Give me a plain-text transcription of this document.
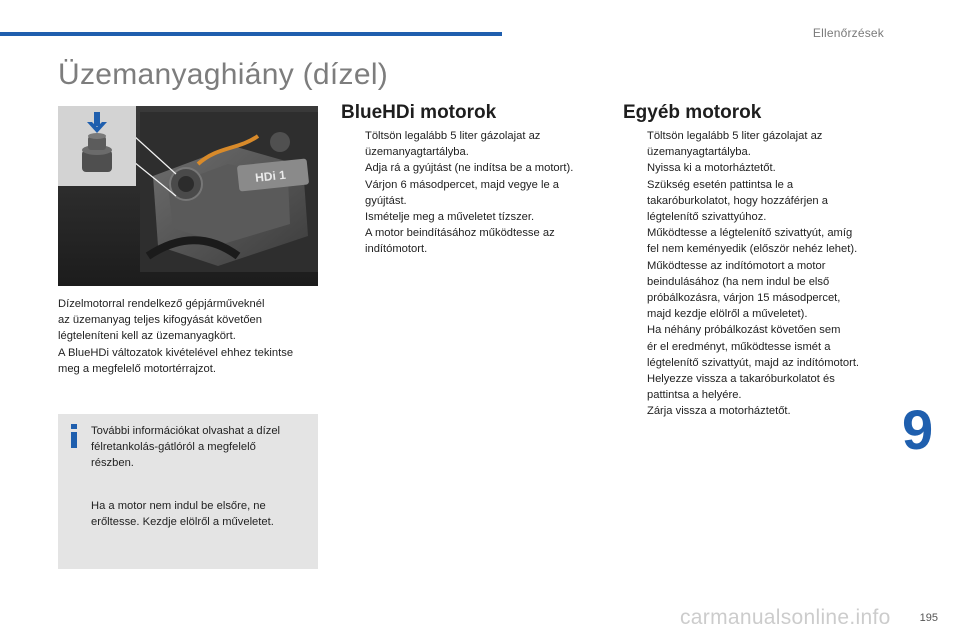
Ellenőrzések
Üzemanyaghiány (dízel)
HDi 1

Dízelmotorral rendelkező gépjárműveknél

az üzemanyag teljes kifogyását követően

légteleníteni kell az üzemanyagkört.

A BlueHDi változatok kivételével ehhez tekintse

meg a megfelelő motortérrajzot.

További információkat olvashat a dízel
félretankolás-gátlóról a megfelelő
részben.
Ha a motor nem indul be elsőre, ne
erőltesse. Kezdje elölről a műveletet.
BlueHDi motorok
Töltsön legalább 5 liter gázolajat az
üzemanyagtartályba.
Adja rá a gyújtást (ne indítsa be a motort).
Várjon 6 másodpercet, majd vegye le a
gyújtást.
Ismételje meg a műveletet tízszer.
A motor beindításához működtesse az
indítómotort.
Egyéb motorok
Töltsön legalább 5 liter gázolajat az
üzemanyagtartályba.
Nyissa ki a motorháztetőt.
Szükség esetén pattintsa le a
takaróburkolatot, hogy hozzáférjen a
légtelenítő szivattyúhoz.
Működtesse a légtelenítő szivattyút, amíg
fel nem keményedik (először nehéz lehet).
Működtesse az indítómotort a motor
beindulásához (ha nem indul be első
próbálkozásra, várjon 15 másodpercet,
majd kezdje elölről a műveletet).
Ha néhány próbálkozást követően sem
ér el eredményt, működtesse ismét a
légtelenítő szivattyút, majd az indítómotort.
Helyezze vissza a takaróburkolatot és
pattintsa a helyére.
Zárja vissza a motorháztetőt.	9
carmanualsonline.info	195
